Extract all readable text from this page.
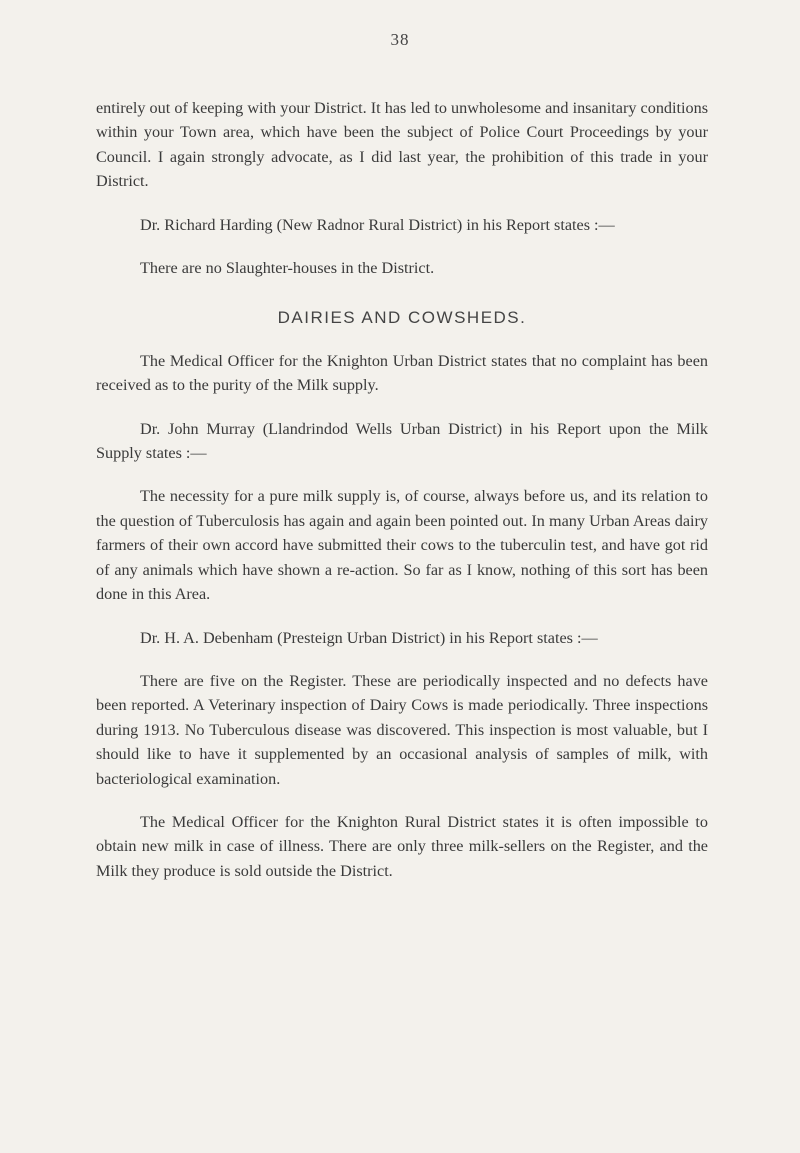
38

entirely out of keeping with your District. It has led to unwholesome and insanitary conditions within your Town area, which have been the subject of Police Court Proceedings by your Council. I again strongly advocate, as I did last year, the prohibition of this trade in your District.

Dr. Richard Harding (New Radnor Rural District) in his Report states :—

There are no Slaughter-houses in the District.

DAIRIES AND COWSHEDS.

The Medical Officer for the Knighton Urban District states that no complaint has been received as to the purity of the Milk supply.

Dr. John Murray (Llandrindod Wells Urban District) in his Report upon the Milk Supply states :—

The necessity for a pure milk supply is, of course, always before us, and its relation to the question of Tuberculosis has again and again been pointed out. In many Urban Areas dairy farmers of their own accord have submitted their cows to the tuberculin test, and have got rid of any animals which have shown a re-action. So far as I know, nothing of this sort has been done in this Area.

Dr. H. A. Debenham (Presteign Urban District) in his Report states :—

There are five on the Register. These are periodically inspected and no defects have been reported. A Veterinary inspection of Dairy Cows is made periodically. Three inspections during 1913. No Tuberculous disease was discovered. This inspection is most valuable, but I should like to have it supplemented by an occasional analysis of samples of milk, with bacteriological examination.

The Medical Officer for the Knighton Rural District states it is often impossible to obtain new milk in case of illness. There are only three milk-sellers on the Register, and the Milk they produce is sold outside the District.
